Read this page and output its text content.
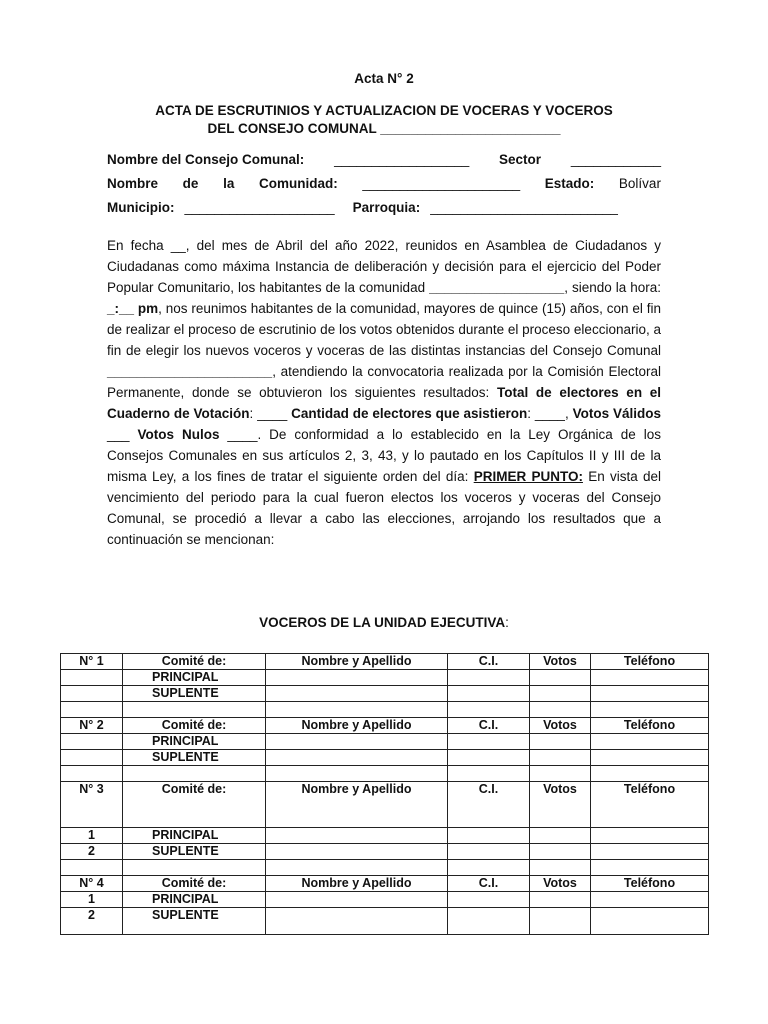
Acta N° 2
ACTA DE ESCRUTINIOS Y ACTUALIZACION DE VOCERAS Y VOCEROS
DEL CONSEJO COMUNAL ________________________
Nombre del Consejo Comunal: __________________ Sector ____________
Nombre de la Comunidad: _____________________ Estado: Bolívar
Municipio: ____________________ Parroquia: _________________________
En fecha __, del mes de Abril del año 2022, reunidos en Asamblea de Ciudadanos y Ciudadanas como máxima Instancia de deliberación y decisión para el ejercicio del Poder Popular Comunitario, los habitantes de la comunidad __________________, siendo la hora: _:__ pm, nos reunimos habitantes de la comunidad, mayores de quince (15) años, con el fin de realizar el proceso de escrutinio de los votos obtenidos durante el proceso eleccionario, a fin de elegir los nuevos voceros y voceras de las distintas instancias del Consejo Comunal ______________________, atendiendo la convocatoria realizada por la Comisión Electoral Permanente, donde se obtuvieron los siguientes resultados: Total de electores en el Cuaderno de Votación: ____ Cantidad de electores que asistieron: ____, Votos Válidos ___ Votos Nulos ____. De conformidad a lo establecido en la Ley Orgánica de los Consejos Comunales en sus artículos 2, 3, 43, y lo pautado en los Capítulos II y III de la misma Ley, a los fines de tratar el siguiente orden del día: PRIMER PUNTO: En vista del vencimiento del periodo para la cual fueron electos los voceros y voceras del Consejo Comunal, se procedió a llevar a cabo las elecciones, arrojando los resultados que a continuación se mencionan:
VOCEROS DE LA UNIDAD EJECUTIVA:
N° 1	Comité de:	Nombre y Apellido	C.I.	Votos	Teléfono
	PRINCIPAL				
	SUPLENTE				

N° 2	Comité de:	Nombre y Apellido	C.I.	Votos	Teléfono
	PRINCIPAL				
	SUPLENTE				

N° 3	Comité de:	Nombre y Apellido	C.I.	Votos	Teléfono
1	PRINCIPAL				
2	SUPLENTE				

N° 4	Comité de:	Nombre y Apellido	C.I.	Votos	Teléfono
1	PRINCIPAL				
2	SUPLENTE				
